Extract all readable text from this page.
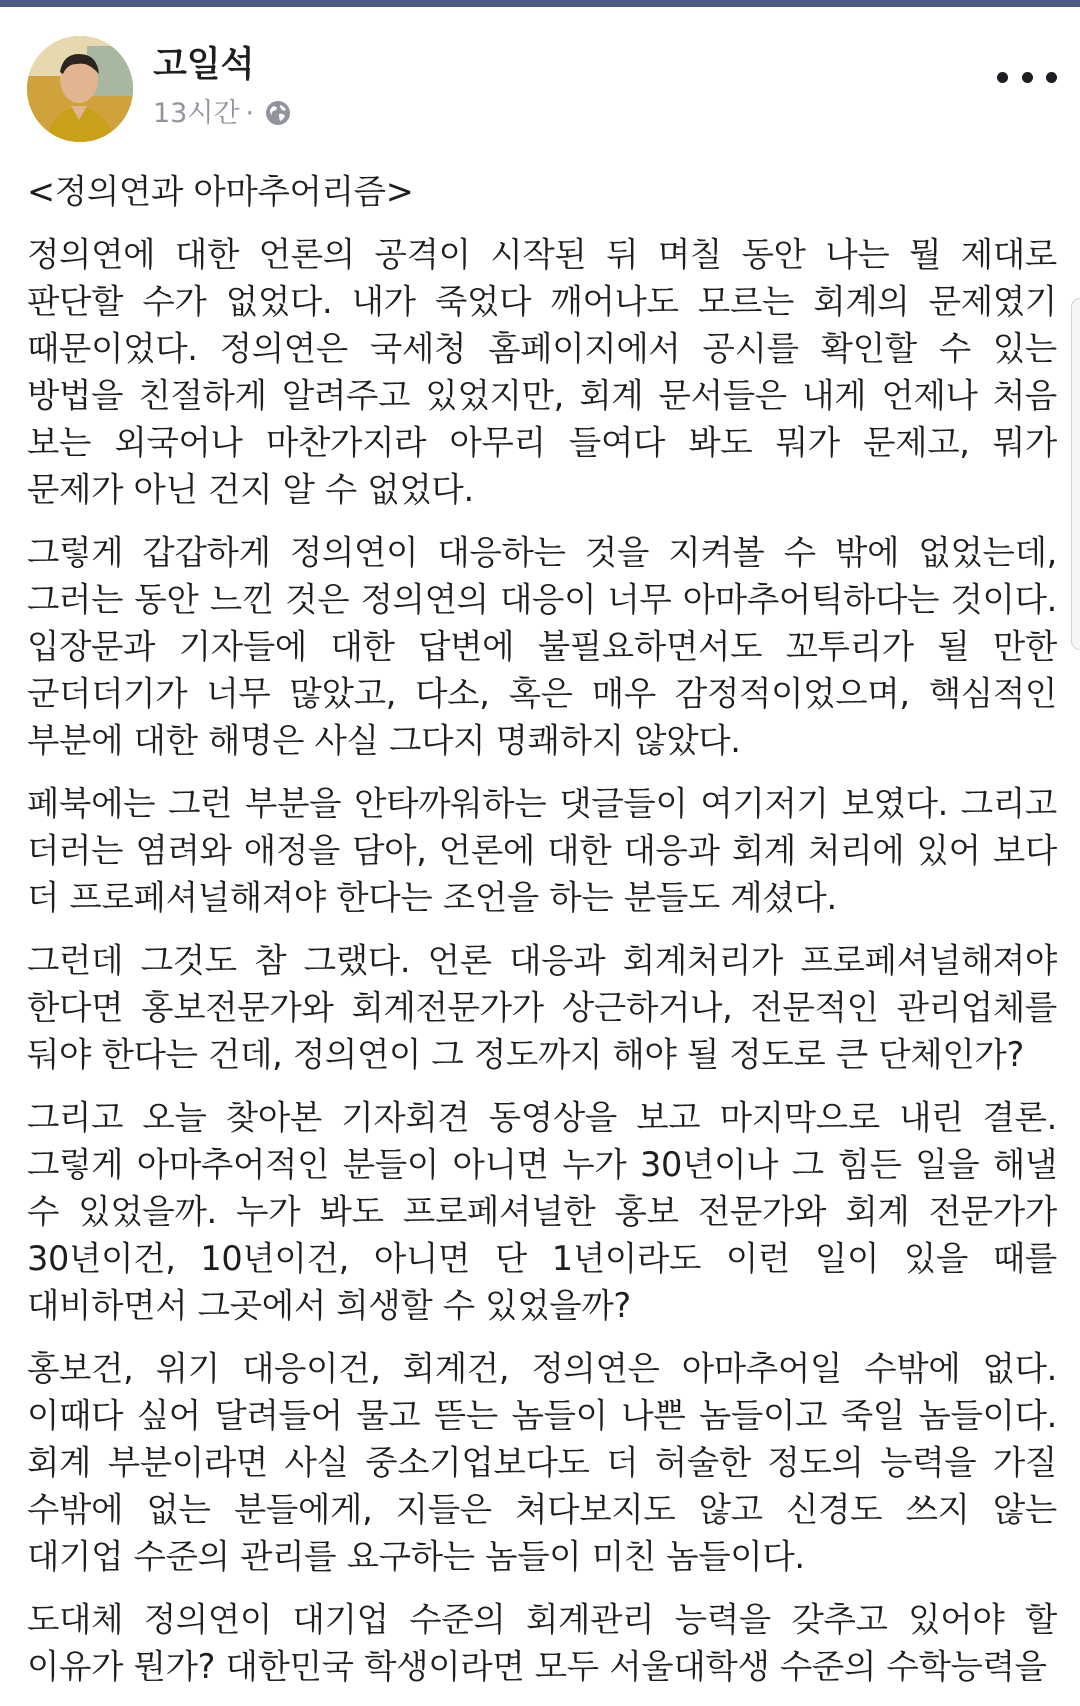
고일석
13시간 ·

<정의연과 아마추어리즘>

정의연에 대한 언론의 공격이 시작된 뒤 며칠 동안 나는 뭘 제대로 판단할 수가 없었다. 내가 죽었다 깨어나도 모르는 회계의 문제였기 때문이었다. 정의연은 국세청 홈페이지에서 공시를 확인할 수 있는 방법을 친절하게 알려주고 있었지만, 회계 문서들은 내게 언제나 처음 보는 외국어나 마찬가지라 아무리 들여다 봐도 뭐가 문제고, 뭐가 문제가 아닌 건지 알 수 없었다.

그렇게 갑갑하게 정의연이 대응하는 것을 지켜볼 수 밖에 없었는데, 그러는 동안 느낀 것은 정의연의 대응이 너무 아마추어틱하다는 것이다. 입장문과 기자들에 대한 답변에 불필요하면서도 꼬투리가 될 만한 군더더기가 너무 많았고, 다소, 혹은 매우 감정적이었으며, 핵심적인 부분에 대한 해명은 사실 그다지 명쾌하지 않았다.

페북에는 그런 부분을 안타까워하는 댓글들이 여기저기 보였다. 그리고 더러는 염려와 애정을 담아, 언론에 대한 대응과 회계 처리에 있어 보다 더 프로페셔널해져야 한다는 조언을 하는 분들도 계셨다.

그런데 그것도 참 그랬다. 언론 대응과 회계처리가 프로페셔널해져야 한다면 홍보전문가와 회계전문가가 상근하거나, 전문적인 관리업체를 둬야 한다는 건데, 정의연이 그 정도까지 해야 될 정도로 큰 단체인가?

그리고 오늘 찾아본 기자회견 동영상을 보고 마지막으로 내린 결론. 그렇게 아마추어적인 분들이 아니면 누가 30년이나 그 힘든 일을 해낼 수 있었을까. 누가 봐도 프로페셔널한 홍보 전문가와 회계 전문가가 30년이건, 10년이건, 아니면 단 1년이라도 이런 일이 있을 때를 대비하면서 그곳에서 희생할 수 있었을까?

홍보건, 위기 대응이건, 회계건, 정의연은 아마추어일 수밖에 없다. 이때다 싶어 달려들어 물고 뜯는 놈들이 나쁜 놈들이고 죽일 놈들이다. 회계 부분이라면 사실 중소기업보다도 더 허술한 정도의 능력을 가질 수밖에 없는 분들에게, 지들은 쳐다보지도 않고 신경도 쓰지 않는 대기업 수준의 관리를 요구하는 놈들이 미친 놈들이다.

도대체 정의연이 대기업 수준의 회계관리 능력을 갖추고 있어야 할 이유가 뭔가? 대한민국 학생이라면 모두 서울대학생 수준의 수학능력을
